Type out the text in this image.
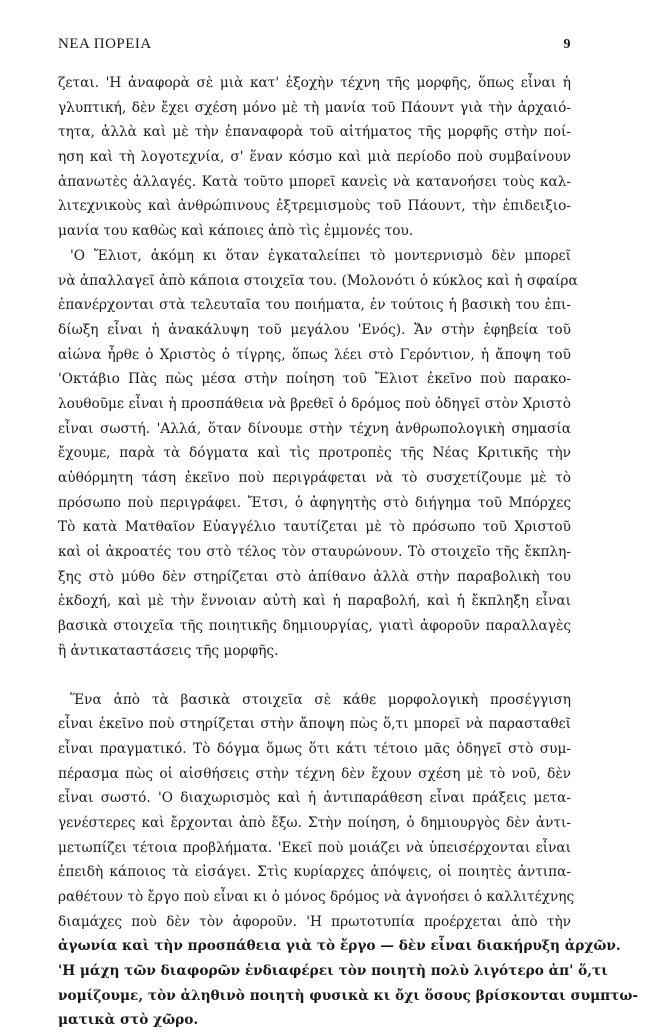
ΝΕΑ ΠΟΡΕΙΑ	9
ζεται. 'Η ἀναφορὰ σὲ μιὰ κατ' ἐξοχὴν τέχνη τῆς μορφῆς, ὅπως εἶναι ἡ
γλυπτική, δὲν ἔχει σχέση μόνο μὲ τὴ μανία τοῦ Πάουντ γιὰ τὴν ἀρχαιό-
τητα, ἀλλὰ καὶ μὲ τὴν ἐπαναφορὰ τοῦ αἰτήματος τῆς μορφῆς στὴν ποί-
ηση καὶ τὴ λογοτεχνία, σ' ἕναν κόσμο καὶ μιὰ περίοδο ποὺ συμβαίνουν
ἀπανωτὲς ἀλλαγές. Κατὰ τοῦτο μπορεῖ κανεὶς νὰ κατανοήσει τοὺς καλ-
λιτεχνικοὺς καὶ ἀνθρώπινους ἐξτρεμισμοὺς τοῦ Πάουντ, τὴν ἐπιδειξιο-
μανία του καθὼς καὶ κάποιες ἀπὸ τὶς ἐμμονές του.
'Ο Ἔλιοτ, ἀκόμη κι ὅταν ἐγκαταλείπει τὸ μοντερνισμὸ δὲν μπορεῖ
νὰ ἀπαλλαγεῖ ἀπὸ κάποια στοιχεῖα του. (Μολονότι ὁ κύκλος καὶ ἡ σφαίρα
ἐπανέρχονται στὰ τελευταῖα του ποιήματα, ἐν τούτοις ἡ βασικὴ του ἐπι-
δίωξη εἶναι ἡ ἀνακάλυψη τοῦ μεγάλου 'Ενός). Ἄν στὴν ἐφηβεία τοῦ
αἰώνα ἦρθε ὁ Χριστὸς ὁ τίγρης, ὅπως λέει στὸ Γερόντιον, ἡ ἄποψη τοῦ
'Οκτάβιο Πὰς πὼς μέσα στὴν ποίηση τοῦ Ἔλιοτ ἐκεῖνο ποὺ παρακο-
λουθοῦμε εἶναι ἡ προσπάθεια νὰ βρεθεῖ ὁ δρόμος ποὺ ὁδηγεῖ στὸν Χριστὸ
εἶναι σωστή. 'Αλλά, ὅταν δίνουμε στὴν τέχνη ἀνθρωπολογικὴ σημασία
ἔχουμε, παρὰ τὰ δόγματα καὶ τὶς προτροπὲς τῆς Νέας Κριτικῆς τὴν
αὐθόρμητη τάση ἐκεῖνο ποὺ περιγράφεται νὰ τὸ συσχετίζουμε μὲ τὸ
πρόσωπο ποὺ περιγράφει. Ἔτσι, ὁ ἀφηγητὴς στὸ διήγημα τοῦ Μπόρχες
Τὸ κατὰ Ματθαῖον Εὐαγγέλιο ταυτίζεται μὲ τὸ πρόσωπο τοῦ Χριστοῦ
καὶ οἱ ἀκροατές του στὸ τέλος τὸν σταυρώνουν. Τὸ στοιχεῖο τῆς ἔκπλη-
ξης στὸ μύθο δὲν στηρίζεται στὸ ἀπίθανο ἀλλὰ στὴν παραβολικὴ του
ἐκδοχή, καὶ μὲ τὴν ἔννοιαν αὐτὴ καὶ ἡ παραβολή, καὶ ἡ ἔκπληξη εἶναι
βασικὰ στοιχεῖα τῆς ποιητικῆς δημιουργίας, γιατὶ ἀφοροῦν παραλλαγὲς
ἢ ἀντικαταστάσεις τῆς μορφῆς.
Ἕνα ἀπὸ τὰ βασικὰ στοιχεῖα σὲ κάθε μορφολογικὴ προσέγγιση
εἶναι ἐκεῖνο ποὺ στηρίζεται στὴν ἄποψη πὼς ὅ,τι μπορεῖ νὰ παρασταθεῖ
εἶναι πραγματικό. Τὸ δόγμα ὅμως ὅτι κάτι τέτοιο μᾶς ὁδηγεῖ στὸ συμ-
πέρασμα πὼς οἱ αἰσθήσεις στὴν τέχνη δὲν ἔχουν σχέση μὲ τὸ νοῦ, δὲν
εἶναι σωστό. 'Ο διαχωρισμὸς καὶ ἡ ἀντιπαράθεση εἶναι πράξεις μετα-
γενέστερες καὶ ἔρχονται ἀπὸ ἔξω. Στὴν ποίηση, ὁ δημιουργὸς δὲν ἀντι-
μετωπίζει τέτοια προβλήματα. 'Εκεῖ ποὺ μοιάζει νὰ ὑπεισέρχονται εἶναι
ἐπειδὴ κάποιος τὰ εἰσάγει. Στὶς κυρίαρχες ἀπόψεις, οἱ ποιητὲς ἀντιπα-
ραθέτουν τὸ ἔργο ποὺ εἶναι κι ὁ μόνος δρόμος νὰ ἀγνοήσει ὁ καλλιτέχνης
διαμάχες ποὺ δὲν τὸν ἀφοροῦν. 'Η πρωτοτυπία προέρχεται ἀπὸ τὴν
ἀγωνία καὶ τὴν προσπάθεια γιὰ τὸ ἔργο — δὲν εἶναι διακήρυξη ἀρχῶν.
'Η μάχη τῶν διαφορῶν ἐνδιαφέρει τὸν ποιητὴ πολὺ λιγότερο ἀπ' ὅ,τι
νομίζουμε, τὸν ἀληθινὸ ποιητὴ φυσικὰ κι ὄχι ὅσους βρίσκονται συμπτω-
ματικὰ στὸ χῶρο.
